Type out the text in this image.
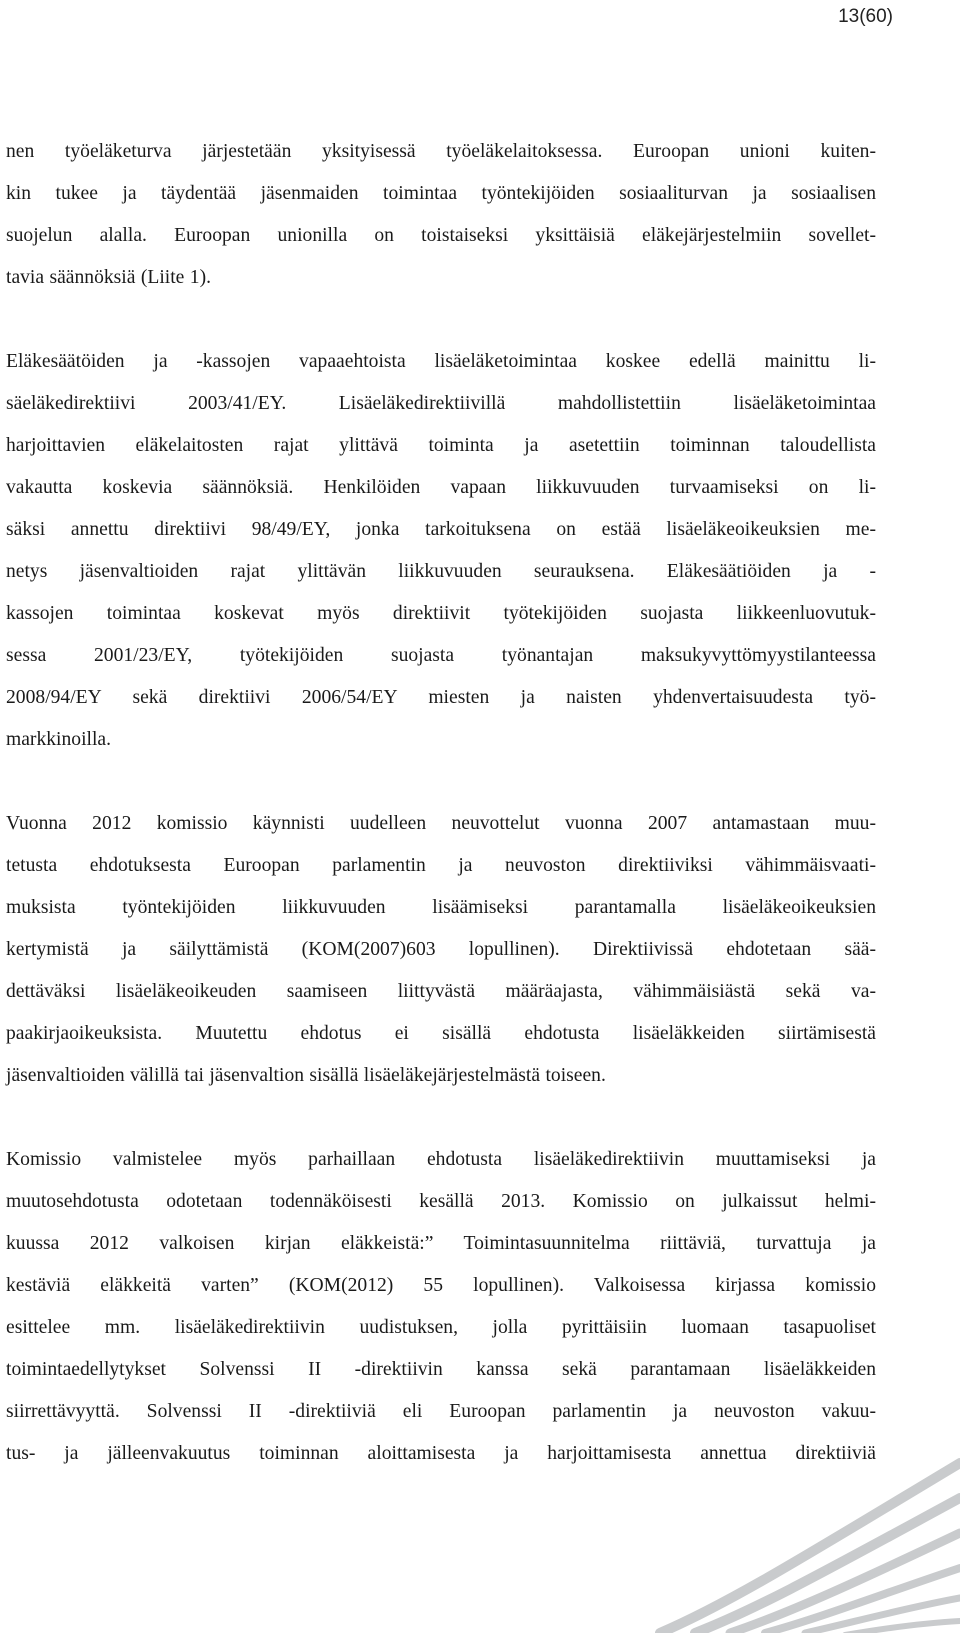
13(60)

nen työeläketurva järjestetään yksityisessä työeläkelaitoksessa. Euroopan unioni kuiten-
kin tukee ja täydentää jäsenmaiden toimintaa työntekijöiden sosiaaliturvan ja sosiaalisen
suojelun alalla. Euroopan unionilla on toistaiseksi yksittäisiä eläkejärjestelmiin sovellet-
tavia säännöksiä (Liite 1).

Eläkesäätöiden ja -kassojen vapaaehtoista lisäeläketoimintaa koskee edellä mainittu li-
säeläkedirektiivi 2003/41/EY. Lisäeläkedirektiivillä mahdollistettiin lisäeläketoimintaa
harjoittavien eläkelaitosten rajat ylittävä toiminta ja asetettiin toiminnan taloudellista
vakautta koskevia säännöksiä. Henkilöiden vapaan liikkuvuuden turvaamiseksi on li-
säksi annettu direktiivi 98/49/EY, jonka tarkoituksena on estää lisäeläkeoikeuksien me-
netys jäsenvaltioiden rajat ylittävän liikkuvuuden seurauksena. Eläkesäätiöiden ja -
kassojen toimintaa koskevat myös direktiivit työtekijöiden suojasta liikkeenluovutuk-
sessa 2001/23/EY, työtekijöiden suojasta työnantajan maksukyvyttömyystilanteessa
2008/94/EY sekä direktiivi 2006/54/EY miesten ja naisten yhdenvertaisuudesta työ-
markkinoilla.

Vuonna 2012 komissio käynnisti uudelleen neuvottelut vuonna 2007 antamastaan muu-
tetusta ehdotuksesta Euroopan parlamentin ja neuvoston direktiiviksi vähimmäisvaati-
muksista työntekijöiden liikkuvuuden lisäämiseksi parantamalla lisäeläkeoikeuksien
kertymistä ja säilyttämistä (KOM(2007)603 lopullinen). Direktiivissä ehdotetaan sää-
dettäväksi lisäeläkeoikeuden saamiseen liittyvästä määräajasta, vähimmäisiästä sekä va-
paakirjaoikeuksista. Muutettu ehdotus ei sisällä ehdotusta lisäeläkkeiden siirtämisestä
jäsenvaltioiden välillä tai jäsenvaltion sisällä lisäeläkejärjestelmästä toiseen.

Komissio valmistelee myös parhaillaan ehdotusta lisäeläkedirektiivin muuttamiseksi ja
muutosehdotusta odotetaan todennäköisesti kesällä 2013. Komissio on julkaissut helmi-
kuussa 2012 valkoisen kirjan eläkkeistä:” Toimintasuunnitelma riittäviä, turvattuja ja
kestäviä eläkkeitä varten” (KOM(2012) 55 lopullinen). Valkoisessa kirjassa komissio
esittelee mm. lisäeläkedirektiivin uudistuksen, jolla pyrittäisiin luomaan tasapuoliset
toimintaedellytykset Solvenssi II -direktiivin kanssa sekä parantamaan lisäeläkkeiden
siirrettävyyttä. Solvenssi II -direktiiviä eli Euroopan parlamentin ja neuvoston vakuu-
tus- ja jälleenvakuutus toiminnan aloittamisesta ja harjoittamisesta annettua direktiiviä
